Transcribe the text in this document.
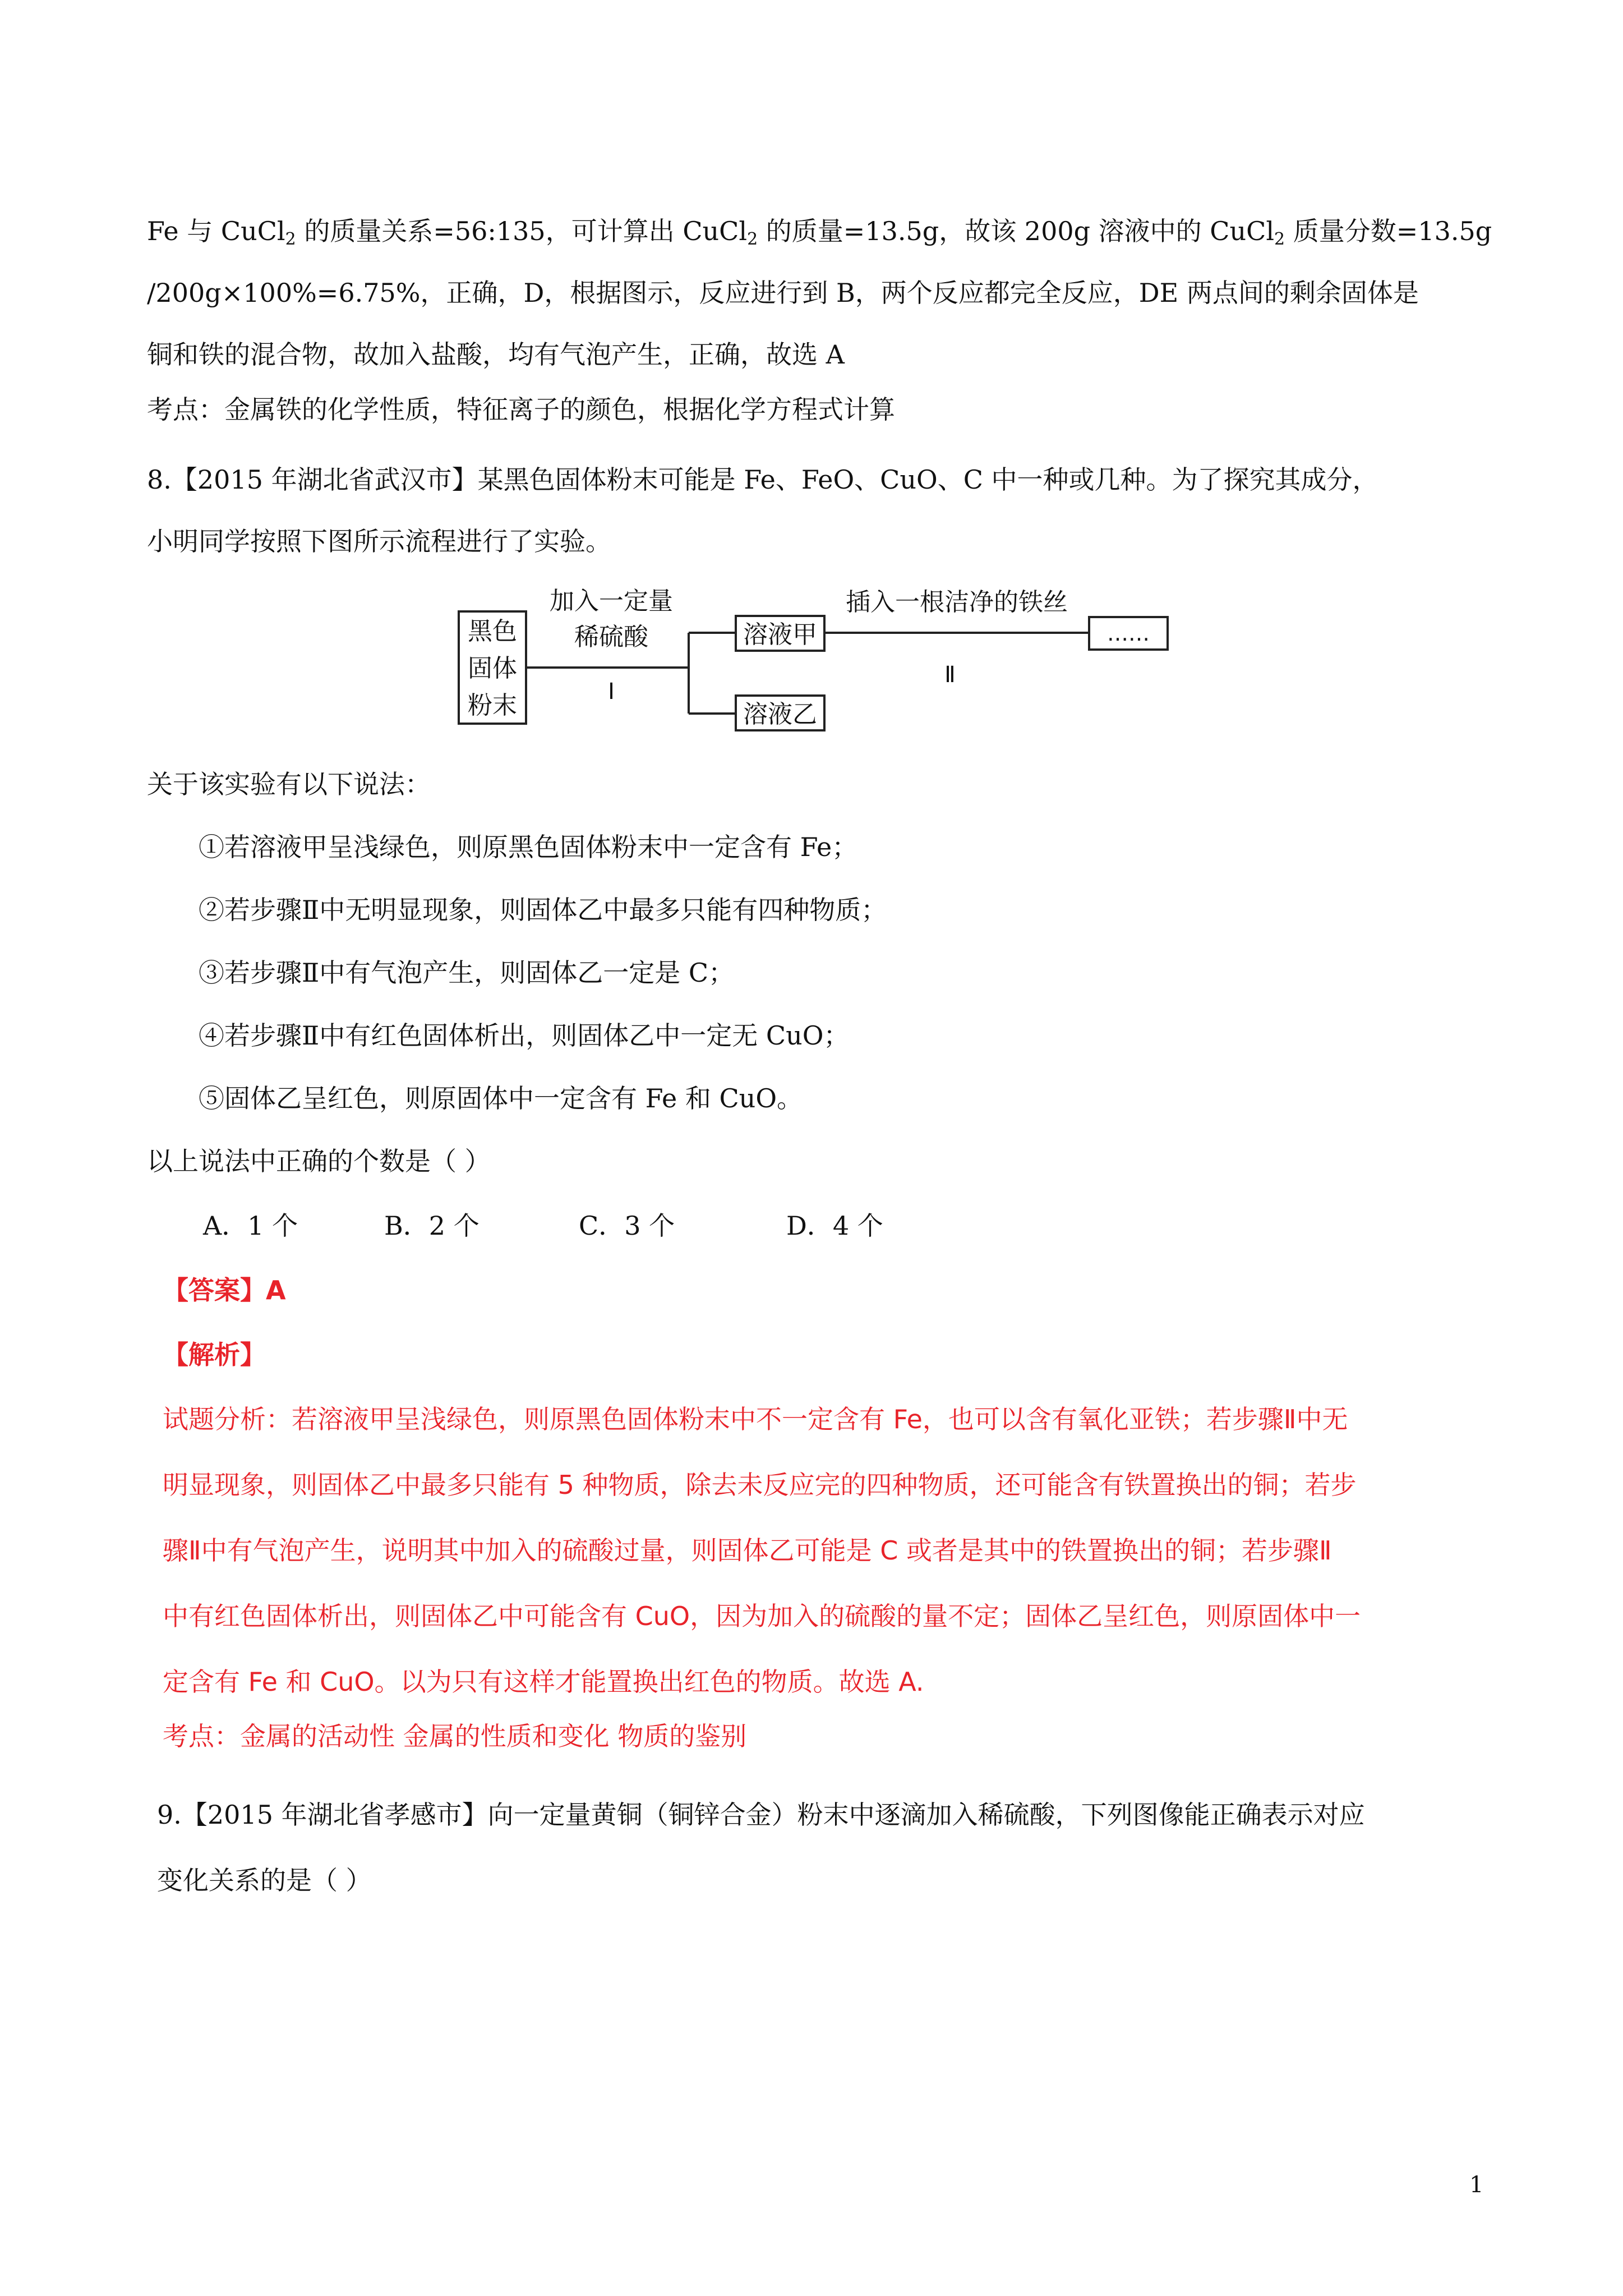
Fe 与 CuCl$_2$ 的质量关系=56:135，可计算出 CuCl$_2$ 的质量=13.5g，故该 200g 溶液中的 CuCl$_2$ 质量分数=13.5g
/200g×100%=6.75%，正确，D，根据图示，反应进行到 B，两个反应都完全反应，DE 两点间的剩余固体是
铜和铁的混合物，故加入盐酸，均有气泡产生，正确，故选 A
考点：金属铁的化学性质，特征离子的颜色，根据化学方程式计算
8.【2015 年湖北省武汉市】某黑色固体粉末可能是 Fe、FeO、CuO、C 中一种或几种。为了探究其成分，
小明同学按照下图所示流程进行了实验。
黑色
固体
粉末
加入一定量
稀硫酸
Ⅰ
溶液甲
溶液乙
插入一根洁净的铁丝
Ⅱ
……
关于该实验有以下说法：
①若溶液甲呈浅绿色，则原黑色固体粉末中一定含有 Fe；
②若步骤Ⅱ中无明显现象，则固体乙中最多只能有四种物质；
③若步骤Ⅱ中有气泡产生，则固体乙一定是 C；
④若步骤Ⅱ中有红色固体析出，则固体乙中一定无 CuO；
⑤固体乙呈红色，则原固体中一定含有 Fe 和 CuO。
以上说法中正确的个数是（ ）
A．1 个	B．2 个	C．3 个	D．4 个
【答案】A
【解析】
试题分析：若溶液甲呈浅绿色，则原黑色固体粉末中不一定含有 Fe，也可以含有氧化亚铁；若步骤Ⅱ中无
明显现象，则固体乙中最多只能有 5 种物质，除去未反应完的四种物质，还可能含有铁置换出的铜；若步
骤Ⅱ中有气泡产生，说明其中加入的硫酸过量，则固体乙可能是 C 或者是其中的铁置换出的铜；若步骤Ⅱ
中有红色固体析出，则固体乙中可能含有 CuO，因为加入的硫酸的量不定；固体乙呈红色，则原固体中一
定含有 Fe 和 CuO。以为只有这样才能置换出红色的物质。故选 A.
考点：金属的活动性 金属的性质和变化 物质的鉴别
9.【2015 年湖北省孝感市】向一定量黄铜（铜锌合金）粉末中逐滴加入稀硫酸，下列图像能正确表示对应
变化关系的是（ ）
1
